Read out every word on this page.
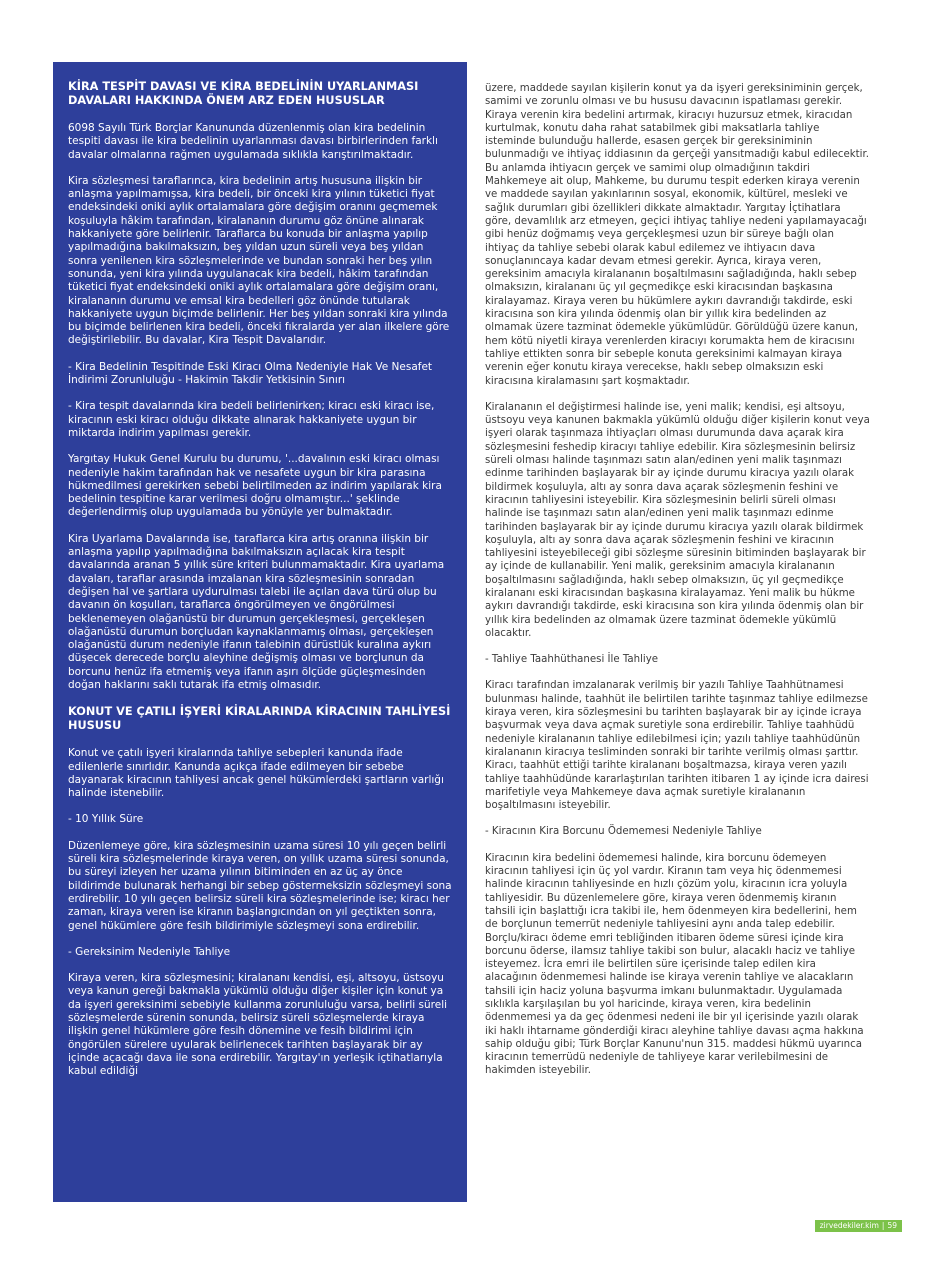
KİRA TESPİT DAVASI VE KİRA BEDELİNİN UYARLANMASI DAVALARI HAKKINDA ÖNEM ARZ EDEN HUSUSLAR
6098 Sayılı Türk Borçlar Kanununda düzenlenmiş olan kira bedelinin tespiti davası ile kira bedelinin uyarlanması davası birbirlerinden farklı davalar olmalarına rağmen uygulamada sıklıkla karıştırılmaktadır.
Kira sözleşmesi taraflarınca, kira bedelinin artış hususuna ilişkin bir anlaşma yapılmamışsa, kira bedeli, bir önceki kira yılının tüketici fiyat endeksindeki oniki aylık ortalamalara göre değişim oranını geçmemek koşuluyla hâkim tarafından, kiralananın durumu göz önüne alınarak hakkaniyete göre belirlenir. Taraflarca bu konuda bir anlaşma yapılıp yapılmadığına bakılmaksızın, beş yıldan uzun süreli veya beş yıldan sonra yenilenen kira sözleşmelerinde ve bundan sonraki her beş yılın sonunda, yeni kira yılında uygulanacak kira bedeli, hâkim tarafından tüketici fiyat endeksindeki oniki aylık ortalamalara göre değişim oranı, kiralananın durumu ve emsal kira bedelleri göz önünde tutularak hakkaniyete uygun biçimde belirlenir. Her beş yıldan sonraki kira yılında bu biçimde belirlenen kira bedeli, önceki fıkralarda yer alan ilkelere göre değiştirilebilir. Bu davalar, Kira Tespit Davalarıdır.
- Kira Bedelinin Tespitinde Eski Kiracı Olma Nedeniyle Hak Ve Nesafet İndirimi Zorunluluğu - Hakimin Takdir Yetkisinin Sınırı
- Kira tespit davalarında kira bedeli belirlenirken; kiracı eski kiracı ise, kiracının eski kiracı olduğu dikkate alınarak hakkaniyete uygun bir miktarda indirim yapılması gerekir.
Yargıtay Hukuk Genel Kurulu bu durumu, '...davalının eski kiracı olması nedeniyle hakim tarafından hak ve nesafete uygun bir kira parasına hükmedilmesi gerekirken sebebi belirtilmeden az indirim yapılarak kira bedelinin tespitine karar verilmesi doğru olmamıştır...' şeklinde değerlendirmiş olup uygulamada bu yönüyle yer bulmaktadır.
Kira Uyarlama Davalarında ise, taraflarca kira artış oranına ilişkin bir anlaşma yapılıp yapılmadığına bakılmaksızın açılacak kira tespit davalarında aranan 5 yıllık süre kriteri bulunmamaktadır. Kira uyarlama davaları, taraflar arasında imzalanan kira sözleşmesinin sonradan değişen hal ve şartlara uydurulması talebi ile açılan dava türü olup bu davanın ön koşulları, taraflarca öngörülmeyen ve öngörülmesi beklenemeyen olağanüstü bir durumun gerçekleşmesi, gerçekleşen olağanüstü durumun borçludan kaynaklanmamış olması, gerçekleşen olağanüstü durum nedeniyle ifanın talebinin dürüstlük kuralına aykırı düşecek derecede borçlu aleyhine değişmiş olması ve borçlunun da borcunu henüz ifa etmemiş veya ifanın aşırı ölçüde güçleşmesinden doğan haklarını saklı tutarak ifa etmiş olmasıdır.
KONUT VE ÇATILI İŞYERİ KİRALARINDA KİRACININ TAHLİYESİ HUSUSU
Konut ve çatılı işyeri kiralarında tahliye sebepleri kanunda ifade edilenlerle sınırlıdır. Kanunda açıkça ifade edilmeyen bir sebebe dayanarak kiracının tahliyesi ancak genel hükümlerdeki şartların varlığı halinde istenebilir.
- 10 Yıllık Süre
Düzenlemeye göre, kira sözleşmesinin uzama süresi 10 yılı geçen belirli süreli kira sözleşmelerinde kiraya veren, on yıllık uzama süresi sonunda, bu süreyi izleyen her uzama yılının bitiminden en az üç ay önce bildirimde bulunarak herhangi bir sebep göstermeksizin sözleşmeyi sona erdirebilir. 10 yılı geçen belirsiz süreli kira sözleşmelerinde ise; kiracı her zaman, kiraya veren ise kiranın başlangıcından on yıl geçtikten sonra, genel hükümlere göre fesih bildirimiyle sözleşmeyi sona erdirebilir.
- Gereksinim Nedeniyle Tahliye
Kiraya veren, kira sözleşmesini; kiralananı kendisi, eşi, altsoyu, üstsoyu veya kanun gereği bakmakla yükümlü olduğu diğer kişiler için konut ya da işyeri gereksinimi sebebiyle kullanma zorunluluğu varsa, belirli süreli sözleşmelerde sürenin sonunda, belirsiz süreli sözleşmelerde kiraya ilişkin genel hükümlere göre fesih dönemine ve fesih bildirimi için öngörülen sürelere uyularak belirlenecek tarihten başlayarak bir ay içinde açacağı dava ile sona erdirebilir. Yargıtay'ın yerleşik içtihatlarıyla kabul edildiği
üzere, maddede sayılan kişilerin konut ya da işyeri gereksiniminin gerçek, samimi ve zorunlu olması ve bu hususu davacının ispatlaması gerekir. Kiraya verenin kira bedelini artırmak, kiracıyı huzursuz etmek, kiracıdan kurtulmak, konutu daha rahat satabilmek gibi maksatlarla tahliye isteminde bulunduğu hallerde, esasen gerçek bir gereksiniminin bulunmadığı ve ihtiyaç iddiasının da gerçeği yansıtmadığı kabul edilecektir. Bu anlamda ihtiyacın gerçek ve samimi olup olmadığının takdiri Mahkemeye ait olup, Mahkeme, bu durumu tespit ederken kiraya verenin ve maddede sayılan yakınlarının sosyal, ekonomik, kültürel, mesleki ve sağlık durumları gibi özellikleri dikkate almaktadır. Yargıtay İçtihatlara göre, devamlılık arz etmeyen, geçici ihtiyaç tahliye nedeni yapılamayacağı gibi henüz doğmamış veya gerçekleşmesi uzun bir süreye bağlı olan ihtiyaç da tahliye sebebi olarak kabul edilemez ve ihtiyacın dava sonuçlanıncaya kadar devam etmesi gerekir. Ayrıca, kiraya veren, gereksinim amacıyla kiralananın boşaltılmasını sağladığında, haklı sebep olmaksızın, kiralananı üç yıl geçmedikçe eski kiracısından başkasına kiralayamaz. Kiraya veren bu hükümlere aykırı davrandığı takdirde, eski kiracısına son kira yılında ödenmiş olan bir yıllık kira bedelinden az olmamak üzere tazminat ödemekle yükümlüdür. Görüldüğü üzere kanun, hem kötü niyetli kiraya verenlerden kiracıyı korumakta hem de kiracısını tahliye ettikten sonra bir sebeple konuta gereksinimi kalmayan kiraya verenin eğer konutu kiraya verecekse, haklı sebep olmaksızın eski kiracısına kiralamasını şart koşmaktadır.
Kiralananın el değiştirmesi halinde ise, yeni malik; kendisi, eşi altsoyu, üstsoyu veya kanunen bakmakla yükümlü olduğu diğer kişilerin konut veya işyeri olarak taşınmaza ihtiyaçları olması durumunda dava açarak kira sözleşmesini feshedip kiracıyı tahliye edebilir. Kira sözleşmesinin belirsiz süreli olması halinde taşınmazı satın alan/edinen yeni malik taşınmazı edinme tarihinden başlayarak bir ay içinde durumu kiracıya yazılı olarak bildirmek koşuluyla, altı ay sonra dava açarak sözleşmenin feshini ve kiracının tahliyesini isteyebilir. Kira sözleşmesinin belirli süreli olması halinde ise taşınmazı satın alan/edinen yeni malik taşınmazı edinme tarihinden başlayarak bir ay içinde durumu kiracıya yazılı olarak bildirmek koşuluyla, altı ay sonra dava açarak sözleşmenin feshini ve kiracının tahliyesini isteyebileceği gibi sözleşme süresinin bitiminden başlayarak bir ay içinde de kullanabilir. Yeni malik, gereksinim amacıyla kiralananın boşaltılmasını sağladığında, haklı sebep olmaksızın, üç yıl geçmedikçe kiralananı eski kiracısından başkasına kiralayamaz. Yeni malik bu hükme aykırı davrandığı takdirde, eski kiracısına son kira yılında ödenmiş olan bir yıllık kira bedelinden az olmamak üzere tazminat ödemekle yükümlü olacaktır.
- Tahliye Taahhüthanesi İle Tahliye
Kiracı tarafından imzalanarak verilmiş bir yazılı Tahliye Taahhütnamesi bulunması halinde, taahhüt ile belirtilen tarihte taşınmaz tahliye edilmezse kiraya veren, kira sözleşmesini bu tarihten başlayarak bir ay içinde icraya başvurmak veya dava açmak suretiyle sona erdirebilir. Tahliye taahhüdü nedeniyle kiralananın tahliye edilebilmesi için; yazılı tahliye taahhüdünün kiralananın kiracıya tesliminden sonraki bir tarihte verilmiş olması şarttır. Kiracı, taahhüt ettiği tarihte kiralananı boşaltmazsa, kiraya veren yazılı tahliye taahhüdünde kararlaştırılan tarihten itibaren 1 ay içinde icra dairesi marifetiyle veya Mahkemeye dava açmak suretiyle kiralananın boşaltılmasını isteyebilir.
- Kiracının Kira Borcunu Ödememesi Nedeniyle Tahliye
Kiracının kira bedelini ödememesi halinde, kira borcunu ödemeyen kiracının tahliyesi için üç yol vardır. Kiranın tam veya hiç ödenmemesi halinde kiracının tahliyesinde en hızlı çözüm yolu, kiracının icra yoluyla tahliyesidir. Bu düzenlemelere göre, kiraya veren ödenmemiş kiranın tahsili için başlattığı icra takibi ile, hem ödenmeyen kira bedellerini, hem de borçlunun temerrüt nedeniyle tahliyesini aynı anda talep edebilir. Borçlu/kiracı ödeme emri tebliğinden itibaren ödeme süresi içinde kira borcunu öderse, ilamsız tahliye takibi son bulur, alacaklı haciz ve tahliye isteyemez. İcra emri ile belirtilen süre içerisinde talep edilen kira alacağının ödenmemesi halinde ise kiraya verenin tahliye ve alacakların tahsili için haciz yoluna başvurma imkanı bulunmaktadır. Uygulamada sıklıkla karşılaşılan bu yol haricinde, kiraya veren, kira bedelinin ödenmemesi ya da geç ödenmesi nedeni ile bir yıl içerisinde yazılı olarak iki haklı ihtarname gönderdiği kiracı aleyhine tahliye davası açma hakkına sahip olduğu gibi; Türk Borçlar Kanunu'nun 315. maddesi hükmü uyarınca kiracının temerrüdü nedeniyle de tahliyeye karar verilebilmesini de hakimden isteyebilir.
zirvedekiler.kim | 59
